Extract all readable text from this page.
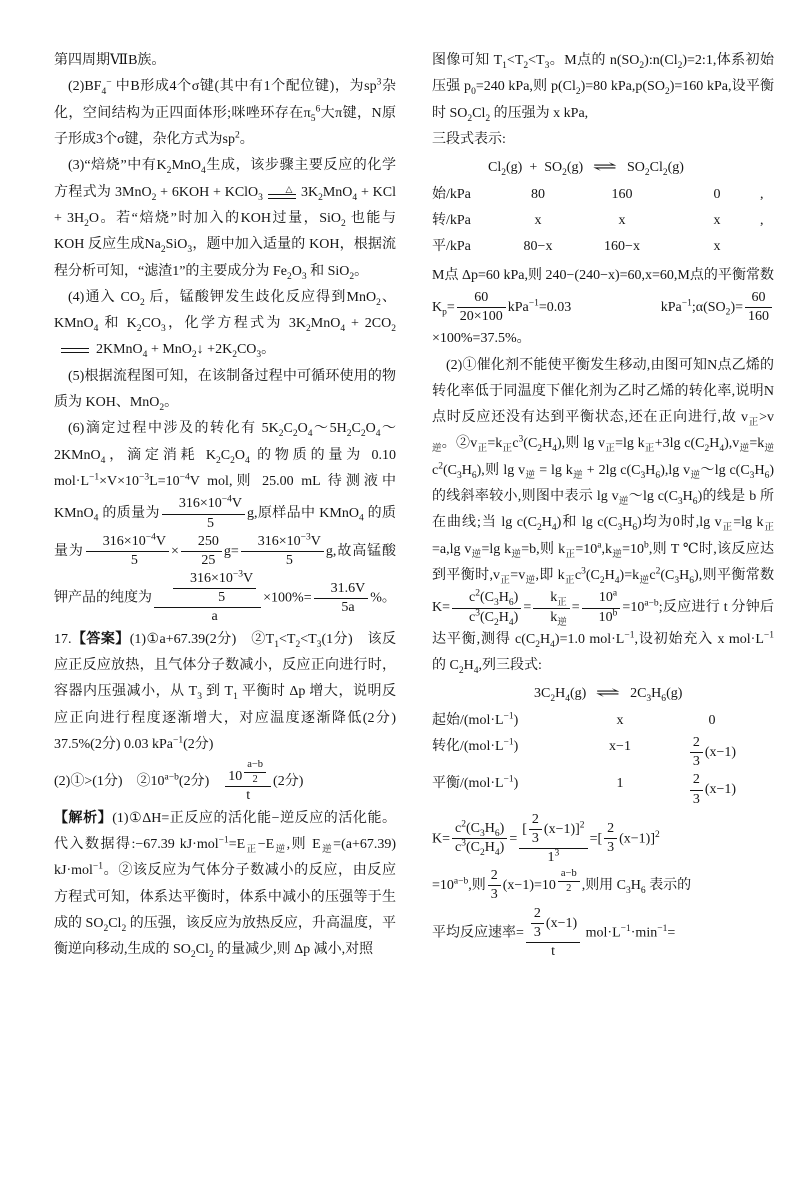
第四周期ⅦB族。

$(2)BF_4^-$ 中B形成4个σ键(其中有1个配位键)，为$sp^3$杂化，空间结构为正四面体形;咪唑环存在$\pi_5^6$大π键，N原子形成3个σ键，杂化方式为$sp^2$。

(3)“焙烧”中有$K_2MnO_4$生成，该步骤主要反应的化学方程式为 3MnO$_2$ + 6KOH + KClO$_3$
△ $3K_2MnO_4$ + KCl + $3H_2O$。若“焙烧”时加入的KOH过量，SiO$_2$ 也能与 KOH 反应生成$Na_2SiO_3$，题中加入适量的 KOH，根据流程分析可知，“滤渣1”的主要成分为 $Fe_2O_3$ 和 SiO$_2$。

(4)通入 $CO_2$ 后，锰酸钾发生歧化反应得到MnO$_2$、KMnO$_4$ 和 $K_2CO_3$，化学方程式为 $3K_2MnO_4$ + $2CO_22KMnO_4$ + MnO$_2$↓ $+2K_2CO_3$。

(5)根据流程图可知，在该制备过程中可循环使用的物质为 KOH、MnO$_2$。

(6)滴定过程中涉及的转化有 $5K_2C_2O_4\sim 5H_2C_2O_4\sim 2KMnO_4$，滴定消耗 $K_2C_2O_4$ 的物质的量为 0.10 $mol\cdot L^{-1}\times V\times 10^{-3}L=10^{-4}V$ mol,则 25.00 mL 待测液中 KMnO$_4$ 的质量为 $\frac{316\times 10^{-4}V}{5} g$,原样品中 KMnO$_4$ 的质量为 $\frac{316\times 10^{-4}V}{5} \times \frac{250}{25} g= \frac{316\times 10^{-3}V}{5} g$,故高锰酸钾产品的纯度为 $\frac{\frac{316\times 10^{-3}V}{5}}{a} \times 100\%= \frac{31.6V}{5a}$ %。

17.【答案】(1)①a+67.39(2分)　$②T_1<T_2<T_3(1$分)　该反应正反应放热，且气体分子数减小，反应正向进行时，容器内压强减小，从 $T_3$ 到 $T_1$ 平衡时 Δp 增大，说明反应正向进行程度逐渐增大，对应温度逐渐降低(2分)　37.5%(2分) 0.03 kPa$^{-1}$(2分)

(2)①>(1分)　$②10^{a-b}(2$分)　 10 $^{\frac{a-b}{2}}$
t (2分)

【解析】(1)①ΔH=正反应的活化能−逆反应的活化能。代入数据得:−67.39 $kJ\cdot mol^{-1}=E_正-E_逆$,则 $E_逆=(a+67.39)$ kJ·mol$^{-1}$。②该反应为气体分子数减小的反应，由反应方程式可知，体系达平衡时，体系中减小的压强等于生成的 $SO_2Cl_2$ 的压强，该反应为放热反应，升高温度，平衡逆向移动,生成的 $SO_2Cl_2$ 的量减少,则 Δp 减小,对照

图像可知 $T_1<T_2<T_3$。M点的 $n(SO_2):n(Cl_2)=2:1$,体系初始压强 $p_0=240$ kPa,则 $p(Cl_2)=80$ $kPa,p(SO_2)=160$ kPa,设平衡时 $SO_2Cl_2$ 的压强为 x kPa,

三段式表示:

$Cl_2(g) + SO_2(g)$ ⇌ $SO_2Cl_2(g)$
始/kPa	80	160	0	,
转/kPa	x	x	x	,
平/kPa	80−x	160−x	x

M点 Δp=60 kPa,则 240−(240−x)=60,x=60,M点的平衡常数 $K_p= \frac{60}{20\times 100} kPa^{-1}=0.03$ $kPa^{-1};\alpha(SO_2)= \frac{60}{160}$
×100%=37.5%。

(2)①催化剂不能使平衡发生移动,由图可知N点乙烯的转化率低于同温度下催化剂为乙时乙烯的转化率,说明N点时反应还没有达到平衡状态,还在正向进行,故 $v_正>v_逆$。$②v_正=k_正c^3(C_2H_4)$,则 $\lg v_正=\lg$ $k_正+3\lg$ $c(C_2H_4),v_逆=k_逆c^2(C_3H_6)$,则 $\lg v_逆 = \lg k_逆 + 2\lg$ $c(C_3H_6),\lg$ $v_逆\sim\lg$ $c(C_3H_6)$的线斜率较小,则图中表示 $\lg v_逆\sim\lg$ $c(C_3H_6)$的线是 b 所在曲线;当 $\lg c(C_2H_4)$和 $\lg c(C_3H_6)$均为0时,lg $v_正=\lg$ $k_正=a,\lg$ $v_逆=\lg$ $k_逆=b$,则 $k_正=10^a,k_逆=10^b$,则 T ℃时,该反应达到平衡时$,v_正=v_逆$,即 $k_正c^3(C_2H_4)=k_逆c^2(C_3H_6)$,则平衡常数 $K= \frac{c^2(C_3H_6)}{c^3(C_2H_4)}$ =
$k_正$
$k_逆$
= $\frac{10^a}{10^b} =10^{a-b}$;反应进行 t 分钟后达平衡,测得 $c(C_2H_4)=1.0$ $mol\cdot L^{-1}$,设初始充入 x $mol\cdot L^{-1}$的 $C_2H_4$,列三段式:

$3C_2H_4(g)$ ⇌ $2C_3H_6(g)$
起始$/(mol\cdot L^{-1})$	x	0
转化$/(mol\cdot L^{-1})$	x−1	$\frac{2}{3} (x-1)$
平衡$/(mol\cdot L^{-1})$	1	$\frac{2}{3} (x-1)$

$K= \frac{c^2(C_3H_6)}{c^3(C_2H_4)} = \frac{[ \frac{2}{3} (x-1)]^2}{1^3}$ =[ $\frac{2}{3} (x-1)]^2$

$=10^{a-b}$,则 $\frac{2}{3} (x-1)=10$ $^{\frac{a-b}{2}}$ ,则用 $C_3H_6$ 表示的

平均反应速率= $\frac{\frac{2}{3} (x-1)}{t} mol\cdot L^{-1}\cdot\min^{-1}=$
